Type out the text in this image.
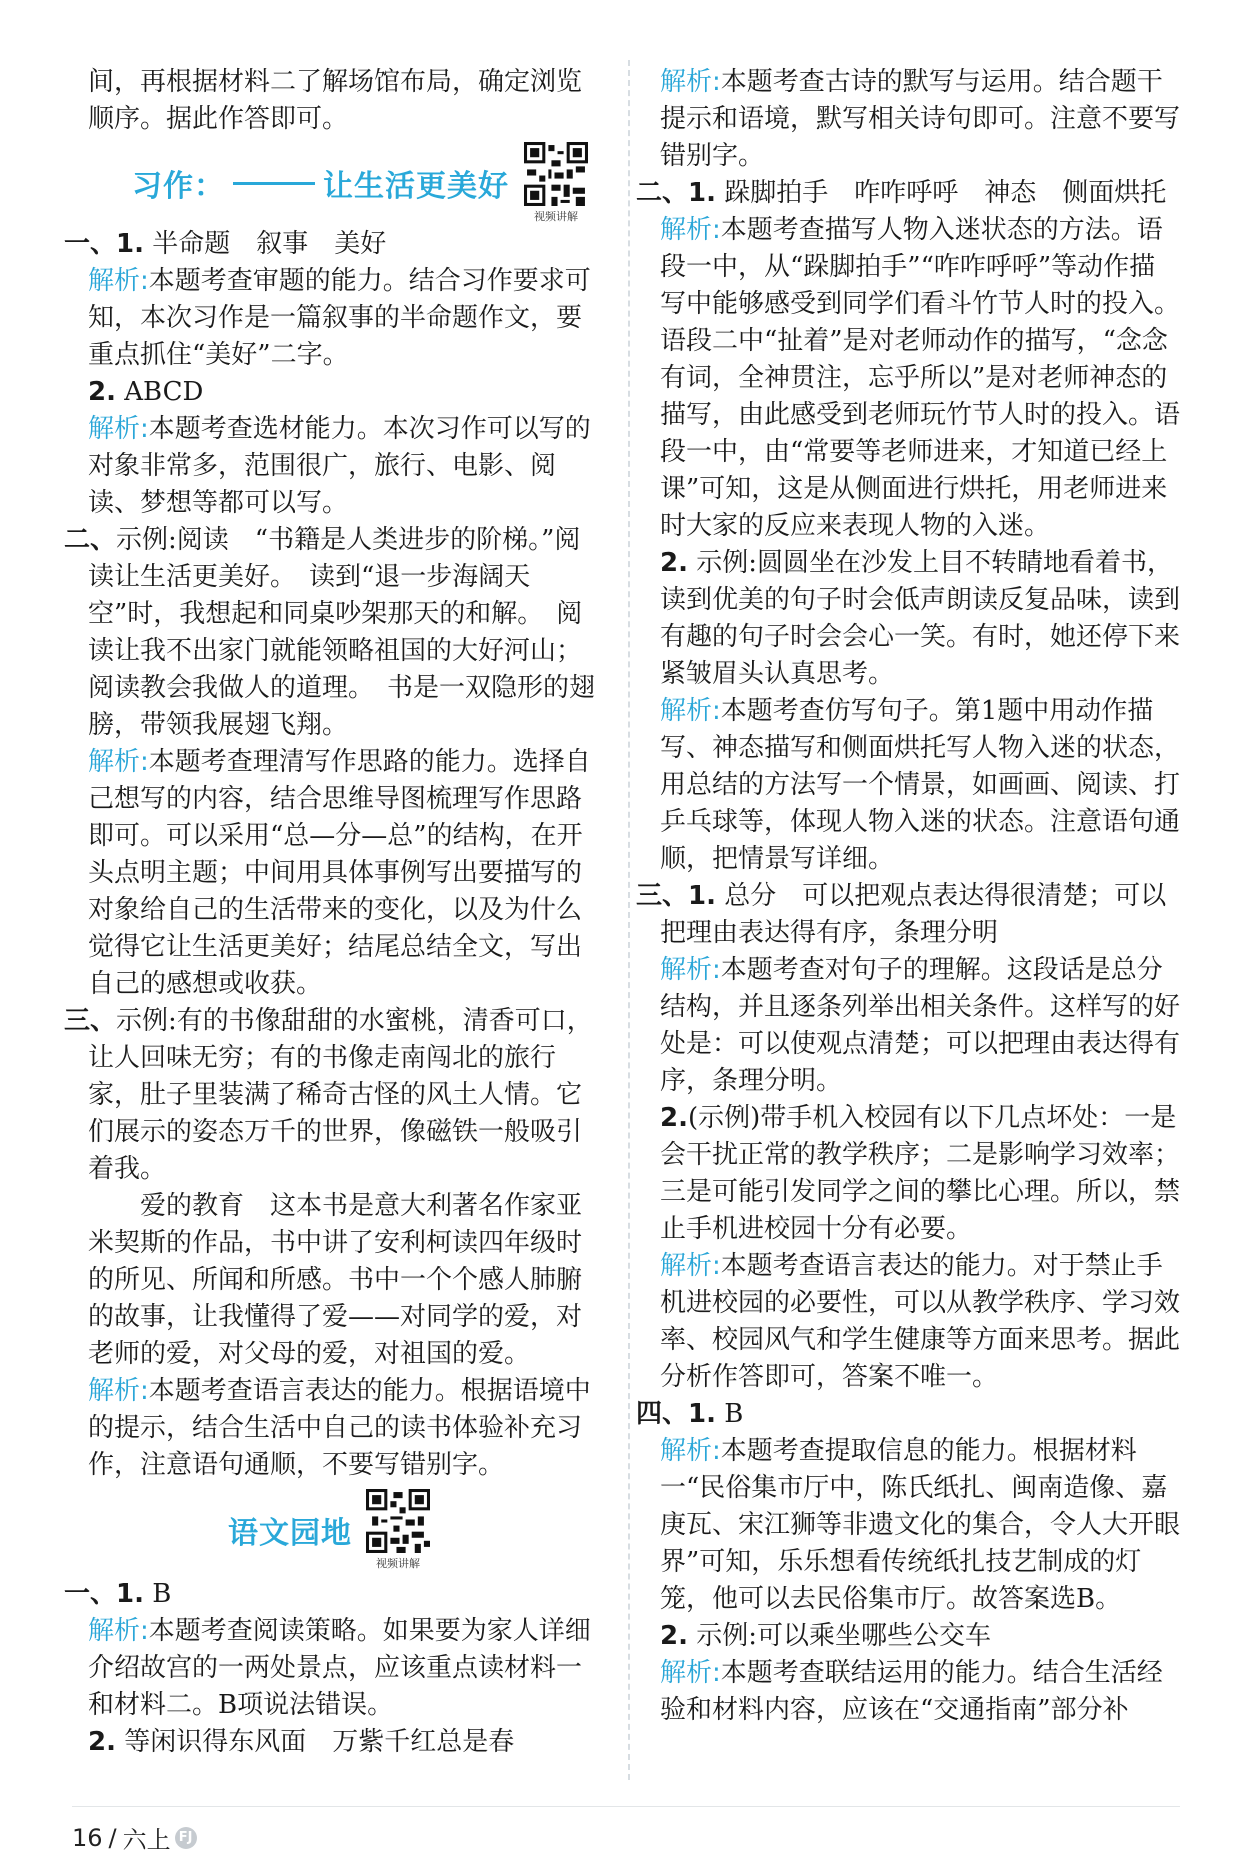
间，再根据材料二了解场馆布局，确定浏览顺序。据此作答即可。

习作：	让生活更美好
视频讲解

一、1. 半命题　叙事　美好

解析:本题考查审题的能力。结合习作要求可知，本次习作是一篇叙事的半命题作文，要重点抓住“美好”二字。

2. ABCD

解析:本题考查选材能力。本次习作可以写的对象非常多，范围很广，旅行、电影、阅读、梦想等都可以写。

二、示例:阅读　“书籍是人类进步的阶梯。”阅读让生活更美好。　读到“退一步海阔天空”时，我想起和同桌吵架那天的和解。　阅读让我不出家门就能领略祖国的大好河山；阅读教会我做人的道理。　书是一双隐形的翅膀，带领我展翅飞翔。

解析:本题考查理清写作思路的能力。选择自己想写的内容，结合思维导图梳理写作思路即可。可以采用“总—分—总”的结构，在开头点明主题；中间用具体事例写出要描写的对象给自己的生活带来的变化，以及为什么觉得它让生活更美好；结尾总结全文，写出自己的感想或收获。

三、示例:有的书像甜甜的水蜜桃，清香可口，让人回味无穷；有的书像走南闯北的旅行家，肚子里装满了稀奇古怪的风土人情。它们展示的姿态万千的世界，像磁铁一般吸引着我。

爱的教育　这本书是意大利著名作家亚米契斯的作品，书中讲了安利柯读四年级时的所见、所闻和所感。书中一个个感人肺腑的故事，让我懂得了爱——对同学的爱，对老师的爱，对父母的爱，对祖国的爱。

解析:本题考查语言表达的能力。根据语境中的提示，结合生活中自己的读书体验补充习作，注意语句通顺，不要写错别字。

语文园地
视频讲解

一、1. B

解析:本题考查阅读策略。如果要为家人详细介绍故宫的一两处景点，应该重点读材料一和材料二。B项说法错误。

2. 等闲识得东风面　万紫千红总是春

解析:本题考查古诗的默写与运用。结合题干提示和语境，默写相关诗句即可。注意不要写错别字。

二、1. 跺脚拍手　咋咋呼呼　神态　侧面烘托

解析:本题考查描写人物入迷状态的方法。语段一中，从“跺脚拍手”“咋咋呼呼”等动作描写中能够感受到同学们看斗竹节人时的投入。语段二中“扯着”是对老师动作的描写，“念念有词，全神贯注，忘乎所以”是对老师神态的描写，由此感受到老师玩竹节人时的投入。语段一中，由“常要等老师进来，才知道已经上课”可知，这是从侧面进行烘托，用老师进来时大家的反应来表现人物的入迷。

2. 示例:圆圆坐在沙发上目不转睛地看着书，读到优美的句子时会低声朗读反复品味，读到有趣的句子时会会心一笑。有时，她还停下来紧皱眉头认真思考。

解析:本题考查仿写句子。第1题中用动作描写、神态描写和侧面烘托写人物入迷的状态，用总结的方法写一个情景，如画画、阅读、打乒乓球等，体现人物入迷的状态。注意语句通顺，把情景写详细。

三、1. 总分　可以把观点表达得很清楚；可以把理由表达得有序，条理分明

解析:本题考查对句子的理解。这段话是总分结构，并且逐条列举出相关条件。这样写的好处是：可以使观点清楚；可以把理由表达得有序，条理分明。

2.(示例)带手机入校园有以下几点坏处：一是会干扰正常的教学秩序；二是影响学习效率；三是可能引发同学之间的攀比心理。所以，禁止手机进校园十分有必要。

解析:本题考查语言表达的能力。对于禁止手机进校园的必要性，可以从教学秩序、学习效率、校园风气和学生健康等方面来思考。据此分析作答即可，答案不唯一。

四、1. B

解析:本题考查提取信息的能力。根据材料一“民俗集市厅中，陈氏纸扎、闽南造像、嘉庚瓦、宋江狮等非遗文化的集合，令人大开眼界”可知，乐乐想看传统纸扎技艺制成的灯笼，他可以去民俗集市厅。故答案选B。

2. 示例:可以乘坐哪些公交车

解析:本题考查联结运用的能力。结合生活经验和材料内容，应该在“交通指南”部分补

16 / 六上 FJ
